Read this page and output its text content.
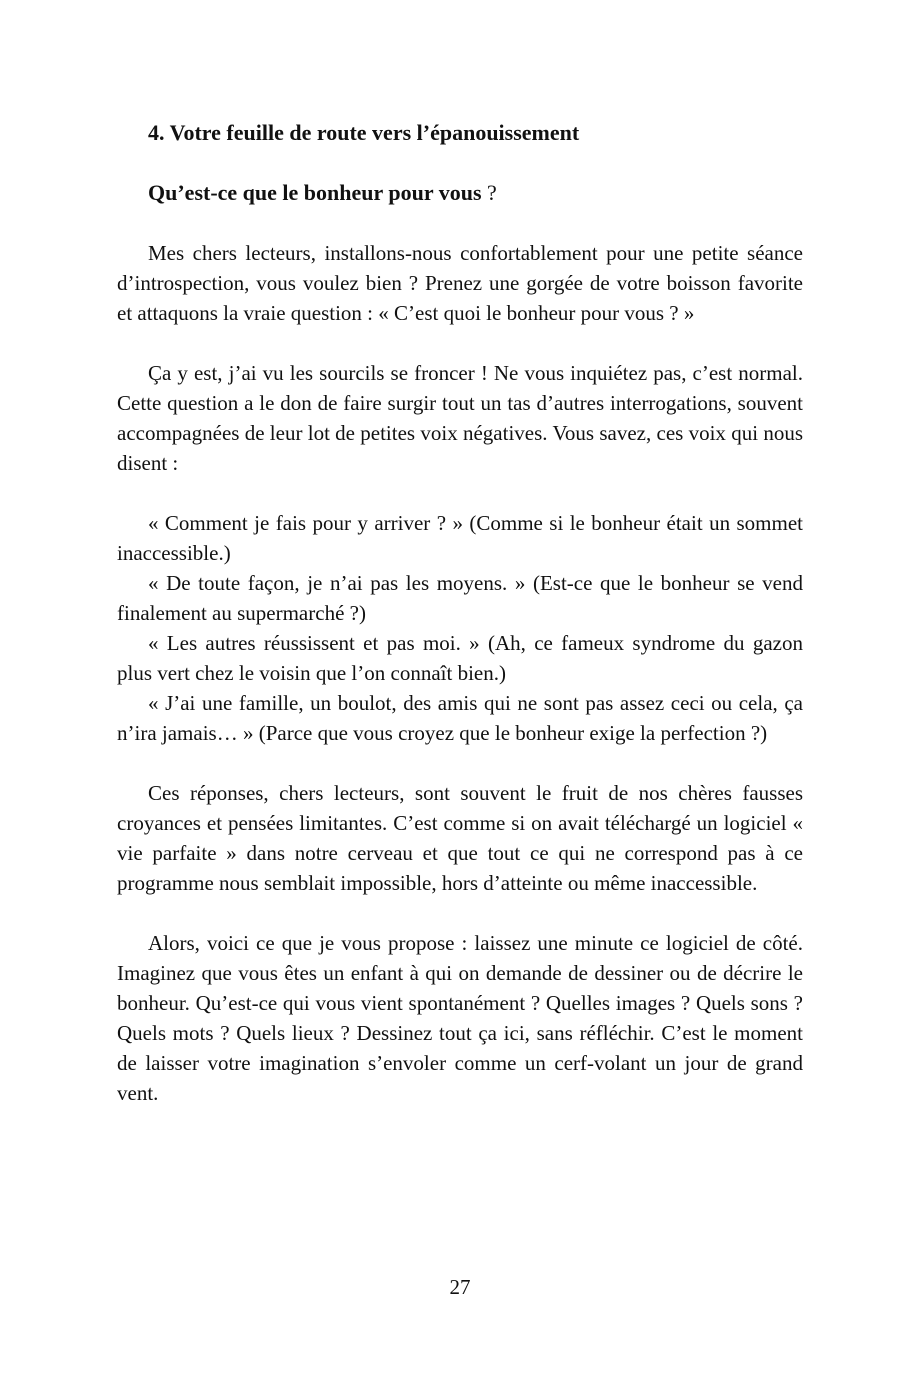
4. Votre feuille de route vers l’épanouissement
Qu’est-ce que le bonheur pour vous ?

Mes chers lecteurs, installons-nous confortablement pour une petite séance d’introspection, vous voulez bien ? Prenez une gorgée de votre boisson favorite et attaquons la vraie question : « C’est quoi le bonheur pour vous ? »

Ça y est, j’ai vu les sourcils se froncer ! Ne vous inquiétez pas, c’est normal. Cette question a le don de faire surgir tout un tas d’autres interrogations, souvent accompagnées de leur lot de petites voix négatives. Vous savez, ces voix qui nous disent :

« Comment je fais pour y arriver ? » (Comme si le bonheur était un sommet inaccessible.)

« De toute façon, je n’ai pas les moyens. » (Est-ce que le bonheur se vend finalement au supermarché ?)

« Les autres réussissent et pas moi. » (Ah, ce fameux syndrome du gazon plus vert chez le voisin que l’on connaît bien.)

« J’ai une famille, un boulot, des amis qui ne sont pas assez ceci ou cela, ça n’ira jamais… » (Parce que vous croyez que le bonheur exige la perfection ?)

Ces réponses, chers lecteurs, sont souvent le fruit de nos chères fausses croyances et pensées limitantes. C’est comme si on avait téléchargé un logiciel « vie parfaite » dans notre cerveau et que tout ce qui ne correspond pas à ce programme nous semblait impossible, hors d’atteinte ou même inaccessible.

Alors, voici ce que je vous propose : laissez une minute ce logiciel de côté. Imaginez que vous êtes un enfant à qui on demande de dessiner ou de décrire le bonheur. Qu’est-ce qui vous vient spontanément ? Quelles images ? Quels sons ? Quels mots ? Quels lieux ? Dessinez tout ça ici, sans réfléchir. C’est le moment de laisser votre imagination s’envoler comme un cerf-volant un jour de grand vent.

27
